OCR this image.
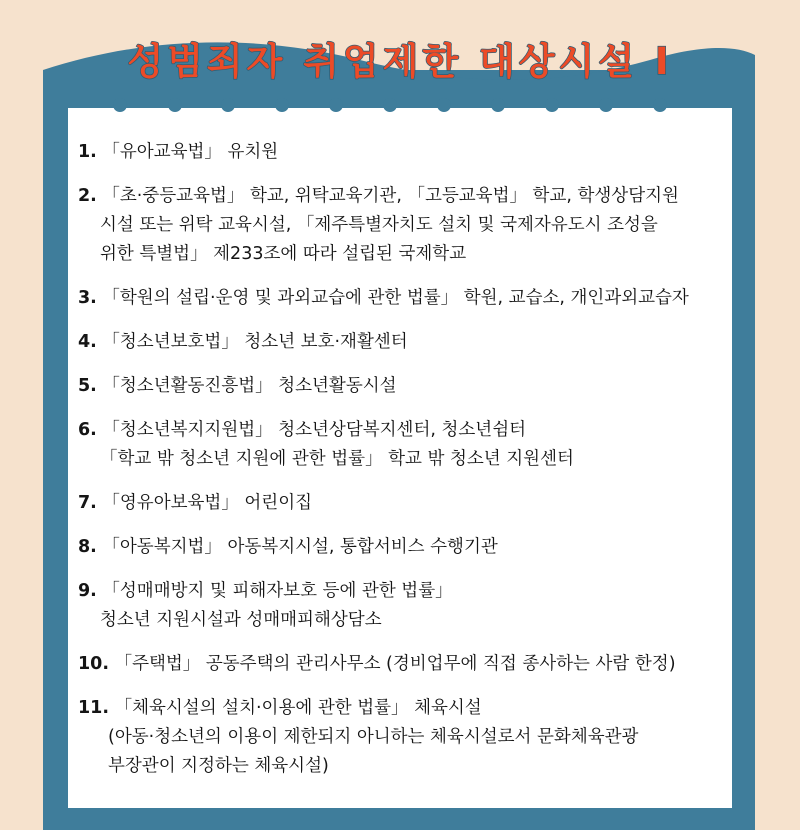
성범죄자 취업제한 대상시설 Ⅰ
1. 「유아교육법」 유치원
2. 「초·중등교육법」 학교, 위탁교육기관, 「고등교육법」 학교, 학생상담지원
시설 또는 위탁 교육시설, 「제주특별자치도 설치 및 국제자유도시 조성을
위한 특별법」 제233조에 따라 설립된 국제학교
3. 「학원의 설립·운영 및 과외교습에 관한 법률」 학원, 교습소, 개인과외교습자
4. 「청소년보호법」 청소년 보호·재활센터
5. 「청소년활동진흥법」 청소년활동시설
6. 「청소년복지지원법」 청소년상담복지센터, 청소년쉼터
「학교 밖 청소년 지원에 관한 법률」 학교 밖 청소년 지원센터
7. 「영유아보육법」 어린이집
8. 「아동복지법」 아동복지시설, 통합서비스 수행기관
9. 「성매매방지 및 피해자보호 등에 관한 법률」
청소년 지원시설과 성매매피해상담소
10. 「주택법」 공동주택의 관리사무소 (경비업무에 직접 종사하는 사람 한정)
11. 「체육시설의 설치·이용에 관한 법률」 체육시설
(아동·청소년의 이용이 제한되지 아니하는 체육시설로서 문화체육관광
부장관이 지정하는 체육시설)
